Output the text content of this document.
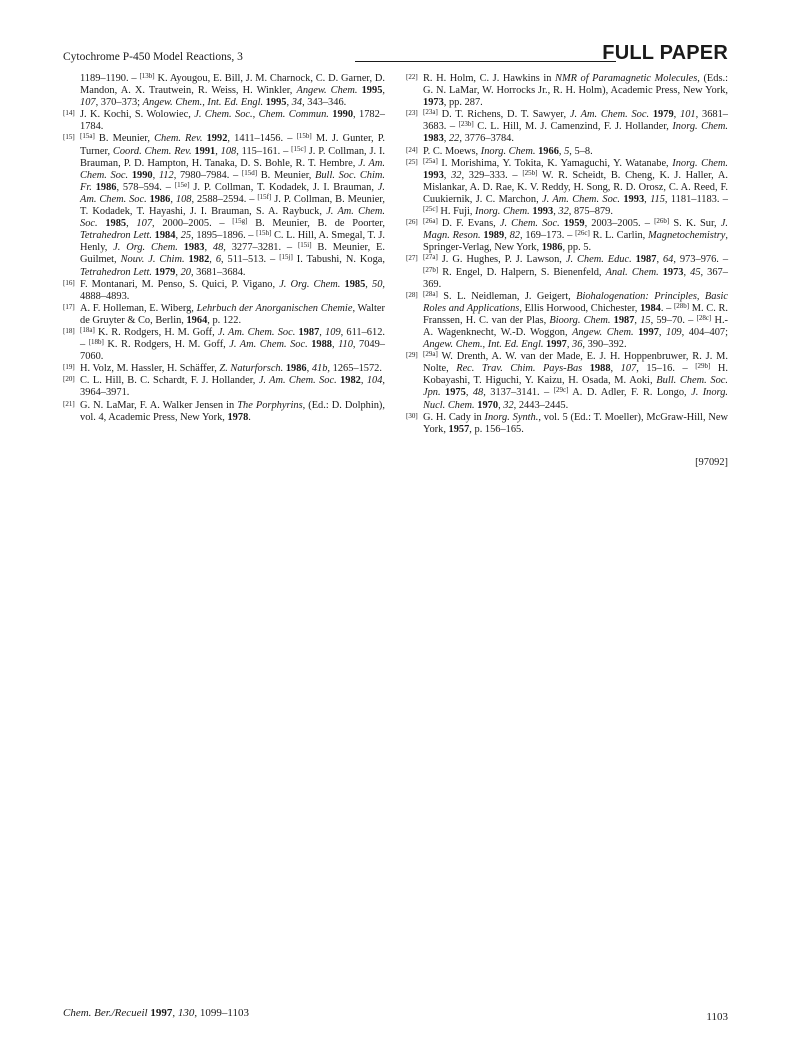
Cytochrome P-450 Model Reactions, 3	FULL PAPER

1189–1190. – [13b] K. Ayougou, E. Bill, J. M. Charnock, C. D. Garner, D. Mandon, A. X. Trautwein, R. Weiss, H. Winkler, Angew. Chem. 1995, 107, 370–373; Angew. Chem., Int. Ed. Engl. 1995, 34, 343–346.

[14] J. K. Kochi, S. Wolowiec, J. Chem. Soc., Chem. Commun. 1990, 1782–1784.

[15] [15a] B. Meunier, Chem. Rev. 1992, 1411–1456. – [15b] M. J. Gunter, P. Turner, Coord. Chem. Rev. 1991, 108, 115–161. – [15c] J. P. Collman, J. I. Brauman, P. D. Hampton, H. Tanaka, D. S. Bohle, R. T. Hembre, J. Am. Chem. Soc. 1990, 112, 7980–7984. – [15d] B. Meunier, Bull. Soc. Chim. Fr. 1986, 578–594. – [15e] J. P. Collman, T. Kodadek, J. I. Brauman, J. Am. Chem. Soc. 1986, 108, 2588–2594. – [15f] J. P. Collman, B. Meunier, T. Kodadek, T. Hayashi, J. I. Brauman, S. A. Raybuck, J. Am. Chem. Soc. 1985, 107, 2000–2005. – [15g] B. Meunier, B. de Poorter, Tetrahedron Lett. 1984, 25, 1895–1896. – [15h] C. L. Hill, A. Smegal, T. J. Henly, J. Org. Chem. 1983, 48, 3277–3281. – [15i] B. Meunier, E. Guilmet, Nouv. J. Chim. 1982, 6, 511–513. – [15j] I. Tabushi, N. Koga, Tetrahedron Lett. 1979, 20, 3681–3684.

[16] F. Montanari, M. Penso, S. Quici, P. Vigano, J. Org. Chem. 1985, 50, 4888–4893.

[17] A. F. Holleman, E. Wiberg, Lehrbuch der Anorganischen Chemie, Walter de Gruyter & Co, Berlin, 1964, p. 122.

[18] [18a] K. R. Rodgers, H. M. Goff, J. Am. Chem. Soc. 1987, 109, 611–612. – [18b] K. R. Rodgers, H. M. Goff, J. Am. Chem. Soc. 1988, 110, 7049–7060.

[19] H. Volz, M. Hassler, H. Schäffer, Z. Naturforsch. 1986, 41b, 1265–1572.

[20] C. L. Hill, B. C. Schardt, F. J. Hollander, J. Am. Chem. Soc. 1982, 104, 3964–3971.

[21] G. N. LaMar, F. A. Walker Jensen in The Porphyrins, (Ed.: D. Dolphin), vol. 4, Academic Press, New York, 1978.

[22] R. H. Holm, C. J. Hawkins in NMR of Paramagnetic Molecules, (Eds.: G. N. LaMar, W. Horrocks Jr., R. H. Holm), Academic Press, New York, 1973, pp. 287.

[23] [23a] D. T. Richens, D. T. Sawyer, J. Am. Chem. Soc. 1979, 101, 3681–3683. – [23b] C. L. Hill, M. J. Camenzind, F. J. Hollander, Inorg. Chem. 1983, 22, 3776–3784.

[24] P. C. Moews, Inorg. Chem. 1966, 5, 5–8.

[25] [25a] I. Morishima, Y. Tokita, K. Yamaguchi, Y. Watanabe, Inorg. Chem. 1993, 32, 329–333. – [25b] W. R. Scheidt, B. Cheng, K. J. Haller, A. Mislankar, A. D. Rae, K. V. Reddy, H. Song, R. D. Orosz, C. A. Reed, F. Cuukiernik, J. C. Marchon, J. Am. Chem. Soc. 1993, 115, 1181–1183. – [25c] H. Fuji, Inorg. Chem. 1993, 32, 875–879.

[26] [26a] D. F. Evans, J. Chem. Soc. 1959, 2003–2005. – [26b] S. K. Sur, J. Magn. Reson. 1989, 82, 169–173. – [26c] R. L. Carlin, Magnetochemistry, Springer-Verlag, New York, 1986, pp. 5.

[27] [27a] J. G. Hughes, P. J. Lawson, J. Chem. Educ. 1987, 64, 973–976. – [27b] R. Engel, D. Halpern, S. Bienenfeld, Anal. Chem. 1973, 45, 367–369.

[28] [28a] S. L. Neidleman, J. Geigert, Biohalogenation: Principles, Basic Roles and Applications, Ellis Horwood, Chichester, 1984. – [28b] M. C. R. Franssen, H. C. van der Plas, Bioorg. Chem. 1987, 15, 59–70. – [28c] H.-A. Wagenknecht, W.-D. Woggon, Angew. Chem. 1997, 109, 404–407; Angew. Chem., Int. Ed. Engl. 1997, 36, 390–392.

[29] [29a] W. Drenth, A. W. van der Made, E. J. H. Hoppenbruwer, R. J. M. Nolte, Rec. Trav. Chim. Pays-Bas 1988, 107, 15–16. – [29b] H. Kobayashi, T. Higuchi, Y. Kaizu, H. Osada, M. Aoki, Bull. Chem. Soc. Jpn. 1975, 48, 3137–3141. – [29c] A. D. Adler, F. R. Longo, J. Inorg. Nucl. Chem. 1970, 32, 2443–2445.

[30] G. H. Cady in Inorg. Synth., vol. 5 (Ed.: T. Moeller), McGraw-Hill, New York, 1957, p. 156–165.

[97092]
Chem. Ber./Recueil 1997, 130, 1099–1103	1103
